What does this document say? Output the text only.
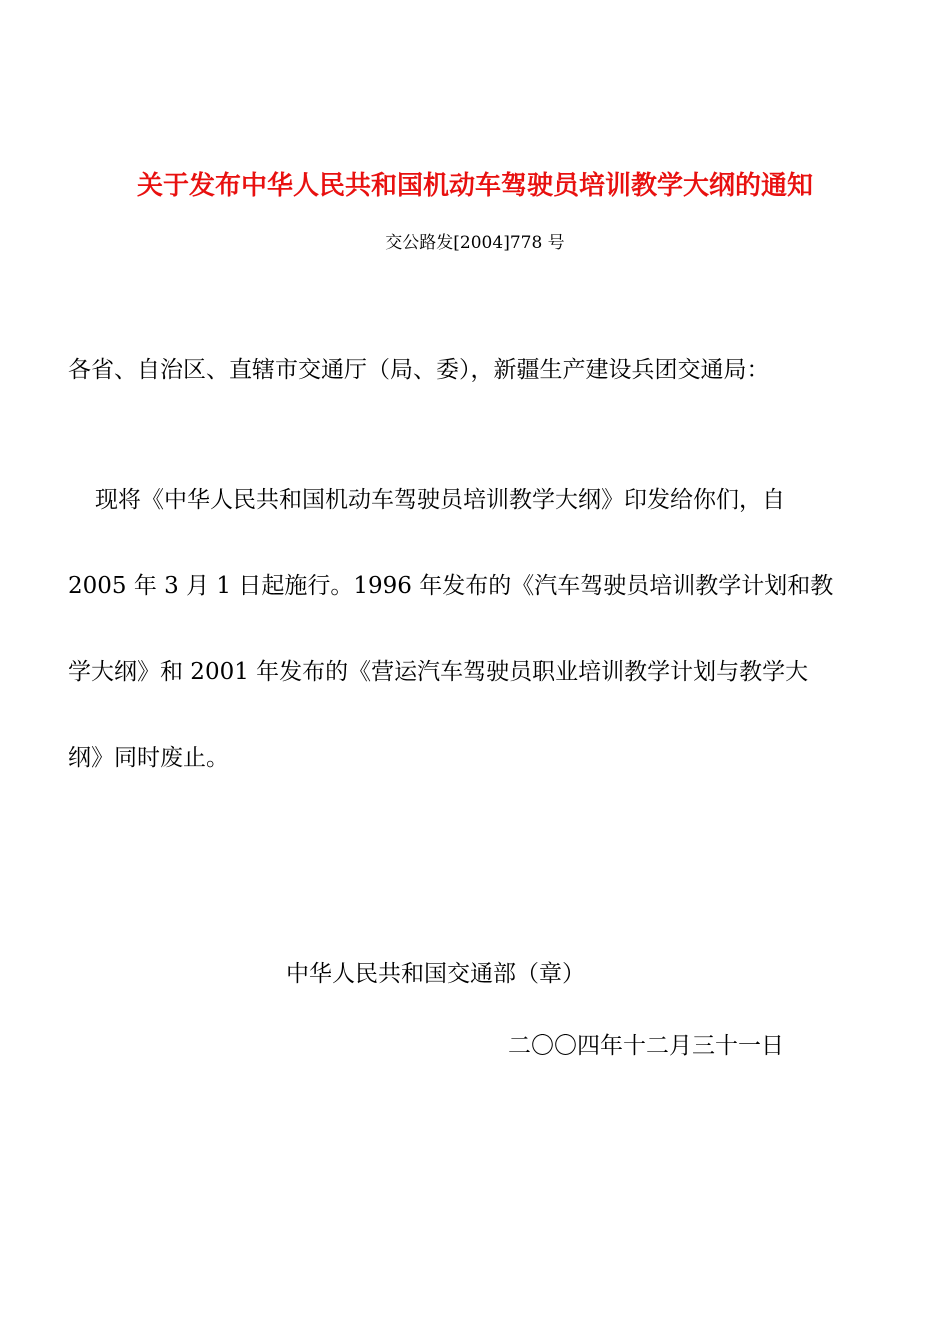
关于发布中华人民共和国机动车驾驶员培训教学大纲的通知
交公路发[2004]778 号
各省、自治区、直辖市交通厅（局、委），新疆生产建设兵团交通局：
现将《中华人民共和国机动车驾驶员培训教学大纲》印发给你们，自
2005 年 3 月 1 日起施行。1996 年发布的《汽车驾驶员培训教学计划和教
学大纲》和 2001 年发布的《营运汽车驾驶员职业培训教学计划与教学大
纲》同时废止。
中华人民共和国交通部（章）
二〇〇四年十二月三十一日
